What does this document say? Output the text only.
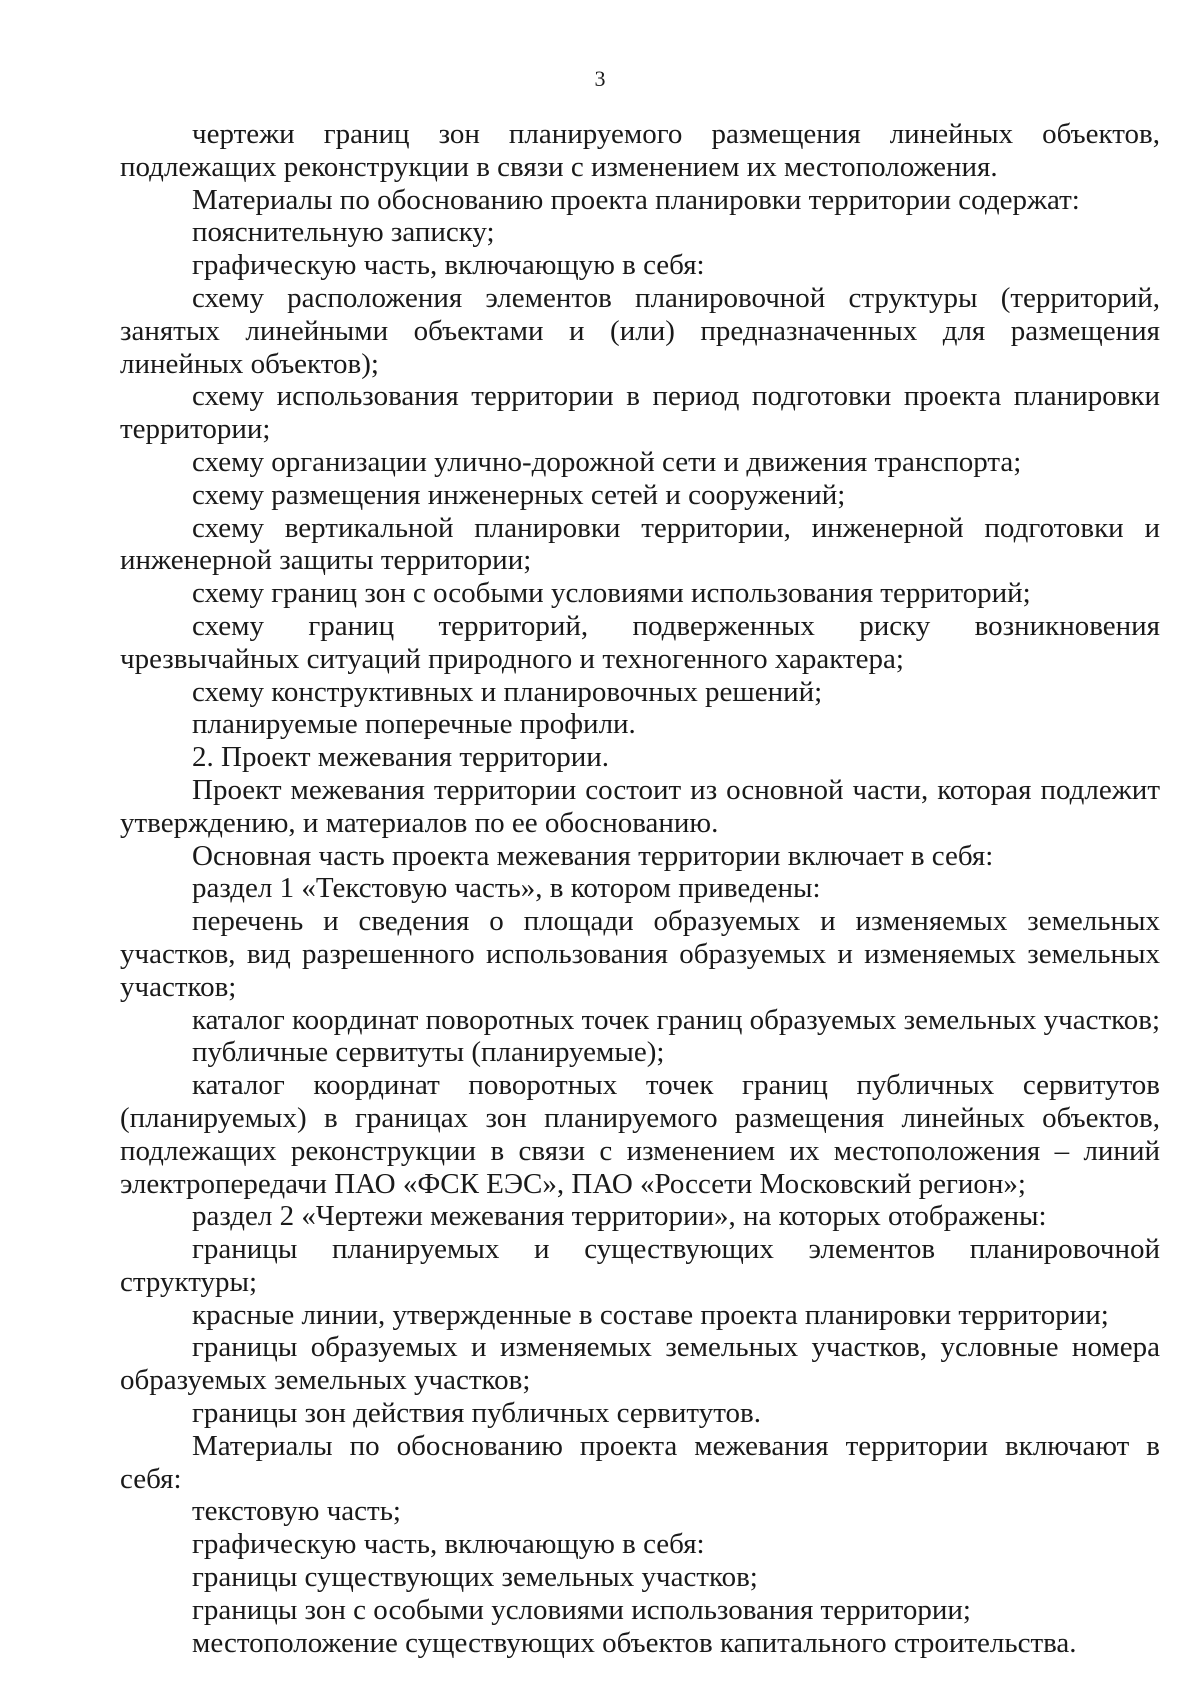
3

чертежи границ зон планируемого размещения линейных объектов, подлежащих реконструкции в связи с изменением их местоположения.

Материалы по обоснованию проекта планировки территории содержат:

пояснительную записку;

графическую часть, включающую в себя:

схему расположения элементов планировочной структуры (территорий, занятых линейными объектами и (или) предназначенных для размещения линейных объектов);

схему использования территории в период подготовки проекта планировки территории;

схему организации улично-дорожной сети и движения транспорта;

схему размещения инженерных сетей и сооружений;

схему вертикальной планировки территории, инженерной подготовки и инженерной защиты территории;

схему границ зон с особыми условиями использования территорий;

схему границ территорий, подверженных риску возникновения чрезвычайных ситуаций природного и техногенного характера;

схему конструктивных и планировочных решений;

планируемые поперечные профили.

2. Проект межевания территории.

Проект межевания территории состоит из основной части, которая подлежит утверждению, и материалов по ее обоснованию.

Основная часть проекта межевания территории включает в себя:

раздел 1 «Текстовую часть», в котором приведены:

перечень и сведения о площади образуемых и изменяемых земельных участков, вид разрешенного использования образуемых и изменяемых земельных участков;

каталог координат поворотных точек границ образуемых земельных участков;

публичные сервитуты (планируемые);

каталог координат поворотных точек границ публичных сервитутов (планируемых) в границах зон планируемого размещения линейных объектов, подлежащих реконструкции в связи с изменением их местоположения – линий электропередачи ПАО «ФСК ЕЭС», ПАО «Россети Московский регион»;

раздел 2 «Чертежи межевания территории», на которых отображены:

границы планируемых и существующих элементов планировочной структуры;

красные линии, утвержденные в составе проекта планировки территории;

границы образуемых и изменяемых земельных участков, условные номера образуемых земельных участков;

границы зон действия публичных сервитутов.

Материалы по обоснованию проекта межевания территории включают в себя:

текстовую часть;

графическую часть, включающую в себя:

границы существующих земельных участков;

границы зон с особыми условиями использования территории;

местоположение существующих объектов капитального строительства.
